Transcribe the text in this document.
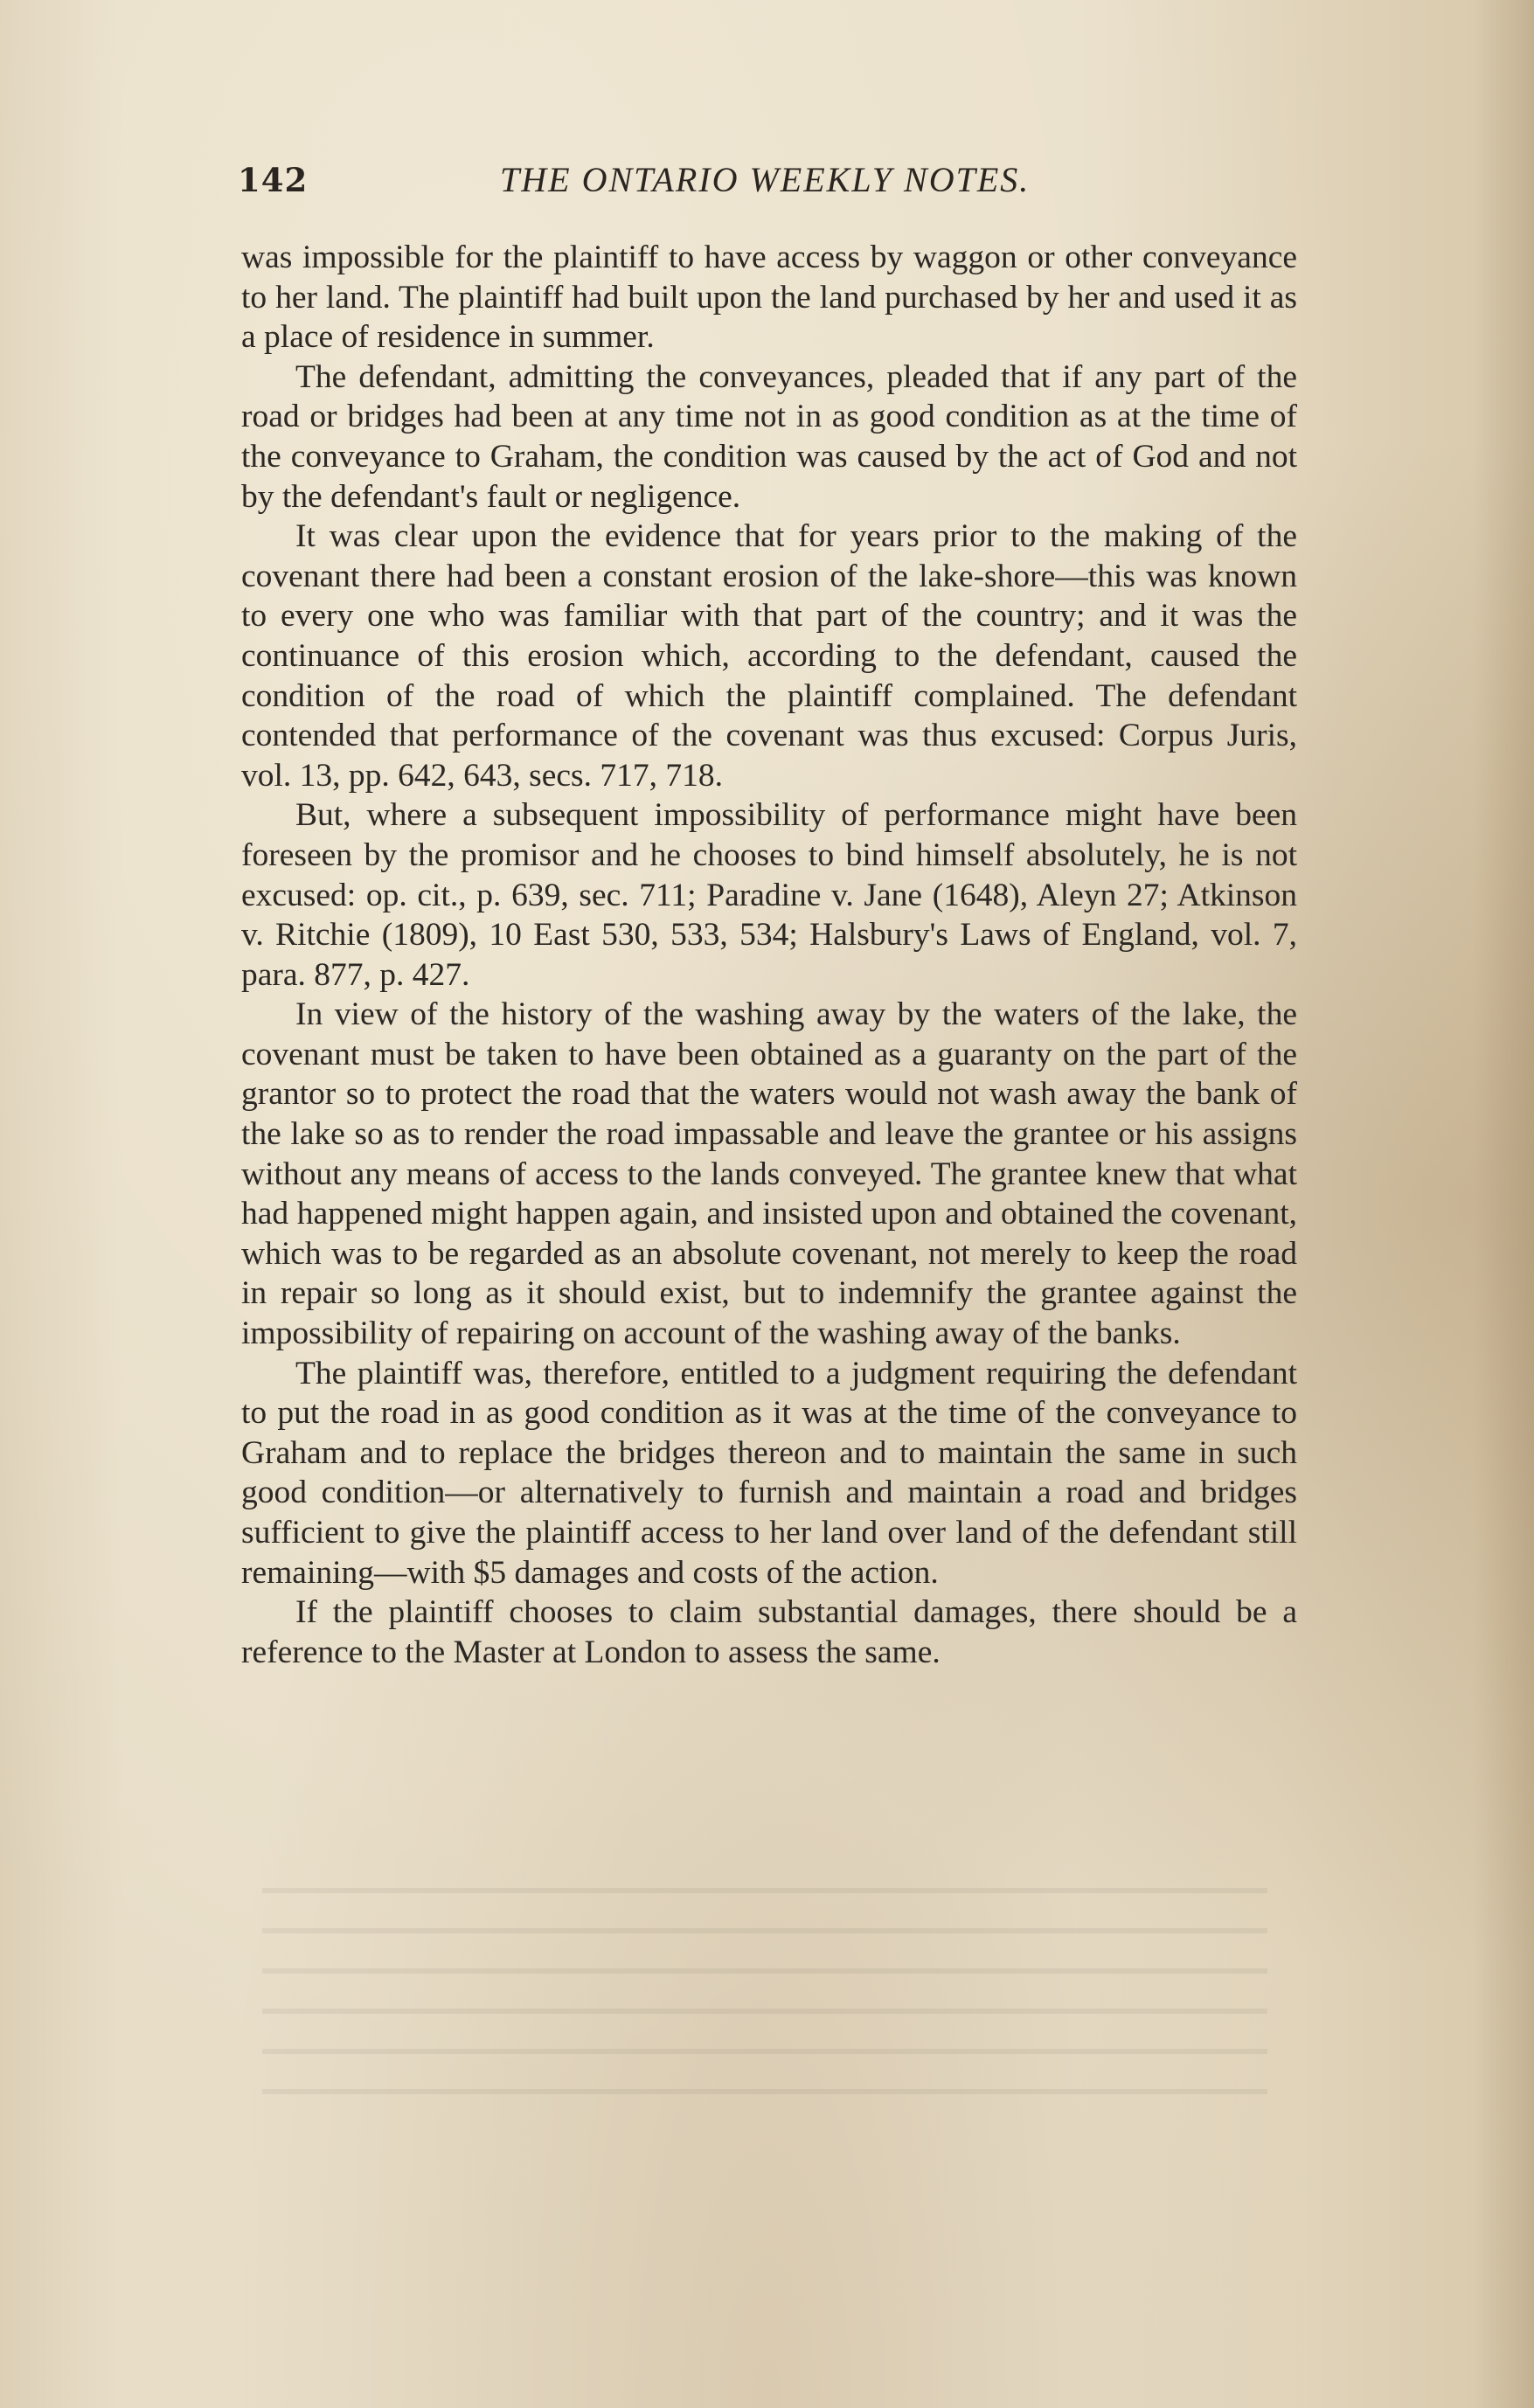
142	THE ONTARIO WEEKLY NOTES.

was impossible for the plaintiff to have access by waggon or other conveyance to her land. The plaintiff had built upon the land purchased by her and used it as a place of residence in summer.

The defendant, admitting the conveyances, pleaded that if any part of the road or bridges had been at any time not in as good condition as at the time of the conveyance to Graham, the condition was caused by the act of God and not by the defendant's fault or negligence.

It was clear upon the evidence that for years prior to the making of the covenant there had been a constant erosion of the lake-shore—this was known to every one who was familiar with that part of the country; and it was the continuance of this erosion which, according to the defendant, caused the condition of the road of which the plaintiff complained. The defendant contended that performance of the covenant was thus excused: Corpus Juris, vol. 13, pp. 642, 643, secs. 717, 718.

But, where a subsequent impossibility of performance might have been foreseen by the promisor and he chooses to bind himself absolutely, he is not excused: op. cit., p. 639, sec. 711; Paradine v. Jane (1648), Aleyn 27; Atkinson v. Ritchie (1809), 10 East 530, 533, 534; Halsbury's Laws of England, vol. 7, para. 877, p. 427.

In view of the history of the washing away by the waters of the lake, the covenant must be taken to have been obtained as a guaranty on the part of the grantor so to protect the road that the waters would not wash away the bank of the lake so as to render the road impassable and leave the grantee or his assigns without any means of access to the lands conveyed. The grantee knew that what had happened might happen again, and insisted upon and obtained the covenant, which was to be regarded as an absolute covenant, not merely to keep the road in repair so long as it should exist, but to indemnify the grantee against the impossibility of repairing on account of the washing away of the banks.

The plaintiff was, therefore, entitled to a judgment requiring the defendant to put the road in as good condition as it was at the time of the conveyance to Graham and to replace the bridges thereon and to maintain the same in such good condition—or alternatively to furnish and maintain a road and bridges sufficient to give the plaintiff access to her land over land of the defendant still remaining—with $5 damages and costs of the action.

If the plaintiff chooses to claim substantial damages, there should be a reference to the Master at London to assess the same.
